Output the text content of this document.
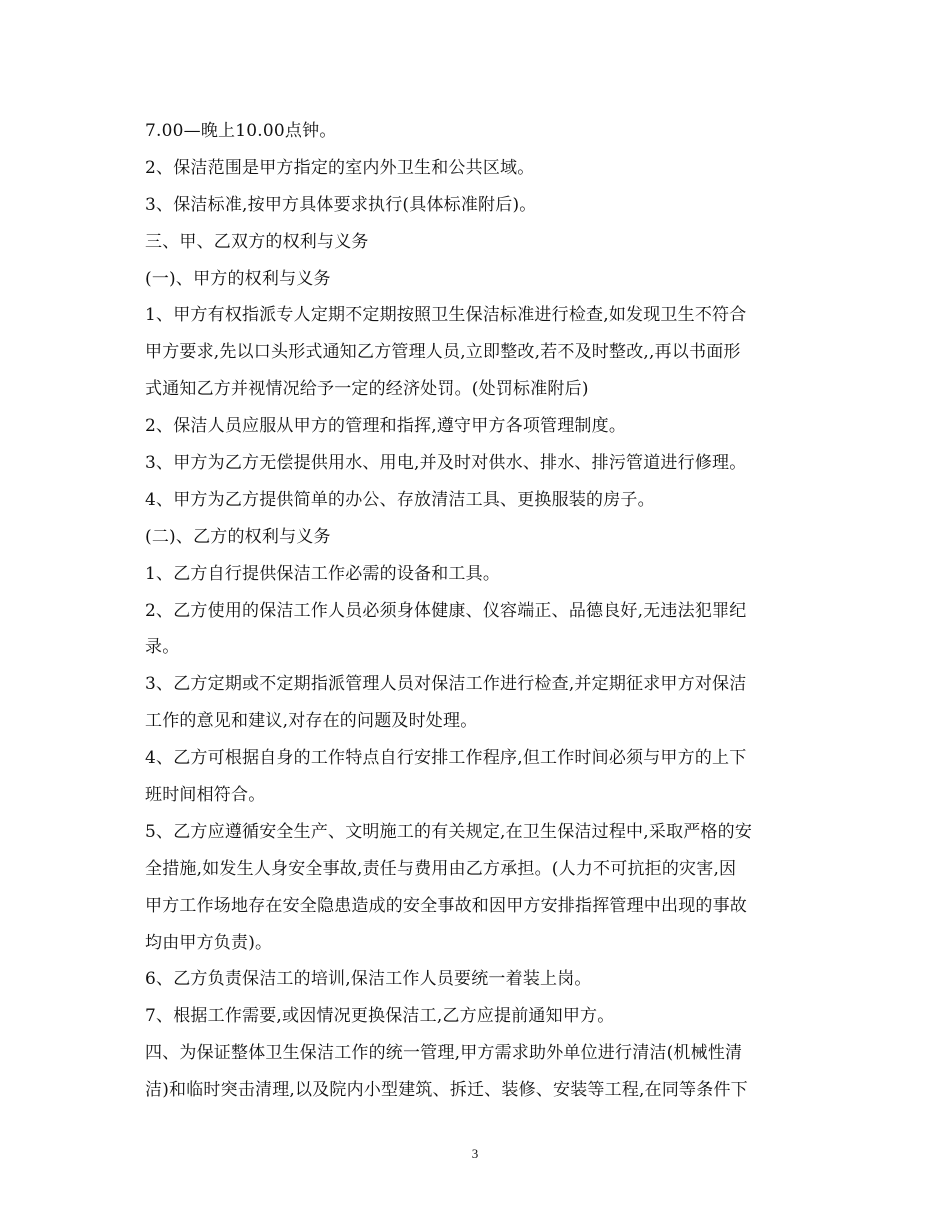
7.00—晚上10.00点钟。
2、保洁范围是甲方指定的室内外卫生和公共区域。
3、保洁标准,按甲方具体要求执行(具体标准附后)。
三、甲、乙双方的权利与义务
(一)、甲方的权利与义务
1、甲方有权指派专人定期不定期按照卫生保洁标准进行检查,如发现卫生不符合
甲方要求,先以口头形式通知乙方管理人员,立即整改,若不及时整改,,再以书面形
式通知乙方并视情况给予一定的经济处罚。(处罚标准附后)
2、保洁人员应服从甲方的管理和指挥,遵守甲方各项管理制度。
3、甲方为乙方无偿提供用水、用电,并及时对供水、排水、排污管道进行修理。
4、甲方为乙方提供简单的办公、存放清洁工具、更换服装的房子。
(二)、乙方的权利与义务
1、乙方自行提供保洁工作必需的设备和工具。
2、乙方使用的保洁工作人员必须身体健康、仪容端正、品德良好,无违法犯罪纪
录。
3、乙方定期或不定期指派管理人员对保洁工作进行检查,并定期征求甲方对保洁
工作的意见和建议,对存在的问题及时处理。
4、乙方可根据自身的工作特点自行安排工作程序,但工作时间必须与甲方的上下
班时间相符合。
5、乙方应遵循安全生产、文明施工的有关规定,在卫生保洁过程中,采取严格的安
全措施,如发生人身安全事故,责任与费用由乙方承担。(人力不可抗拒的灾害,因
甲方工作场地存在安全隐患造成的安全事故和因甲方安排指挥管理中出现的事故
均由甲方负责)。
6、乙方负责保洁工的培训,保洁工作人员要统一着装上岗。
7、根据工作需要,或因情况更换保洁工,乙方应提前通知甲方。
四、为保证整体卫生保洁工作的统一管理,甲方需求助外单位进行清洁(机械性清
洁)和临时突击清理,以及院内小型建筑、拆迁、装修、安装等工程,在同等条件下
3
